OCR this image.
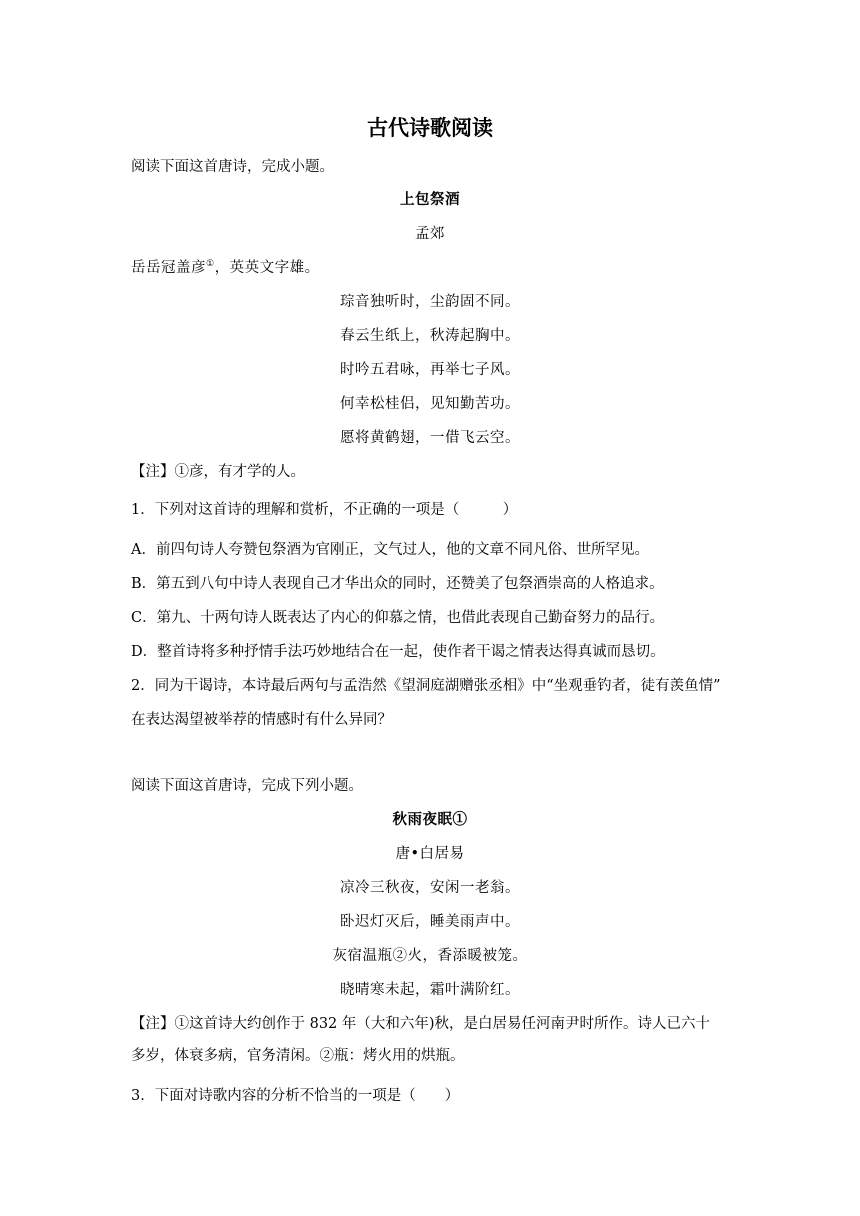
古代诗歌阅读
阅读下面这首唐诗，完成小题。
上包祭酒
孟郊
岳岳冠盖彦①，英英文字雄。
琮音独听时，尘韵固不同。
春云生纸上，秋涛起胸中。
时吟五君咏，再举七子风。
何幸松桂侣，见知勤苦功。
愿将黄鹤翅，一借飞云空。
【注】①彦，有才学的人。
1．下列对这首诗的理解和赏析，不正确的一项是（　　　）
A．前四句诗人夸赞包祭酒为官刚正，文气过人，他的文章不同凡俗、世所罕见。
B．第五到八句中诗人表现自己才华出众的同时，还赞美了包祭酒崇高的人格追求。
C．第九、十两句诗人既表达了内心的仰慕之情，也借此表现自己勤奋努力的品行。
D．整首诗将多种抒情手法巧妙地结合在一起，使作者干谒之情表达得真诚而恳切。
2．同为干谒诗，本诗最后两句与孟浩然《望洞庭湖赠张丞相》中“坐观垂钓者，徒有羡鱼情”
在表达渴望被举荐的情感时有什么异同？
阅读下面这首唐诗，完成下列小题。
秋雨夜眠①
唐•白居易
凉冷三秋夜，安闲一老翁。
卧迟灯灭后，睡美雨声中。
灰宿温瓶②火，香添暖被笼。
晓晴寒未起，霜叶满阶红。
【注】①这首诗大约创作于 832 年（大和六年)秋，是白居易任河南尹时所作。诗人已六十
多岁，体衰多病，官务清闲。②瓶：烤火用的烘瓶。
3．下面对诗歌内容的分析不恰当的一项是（　　）
